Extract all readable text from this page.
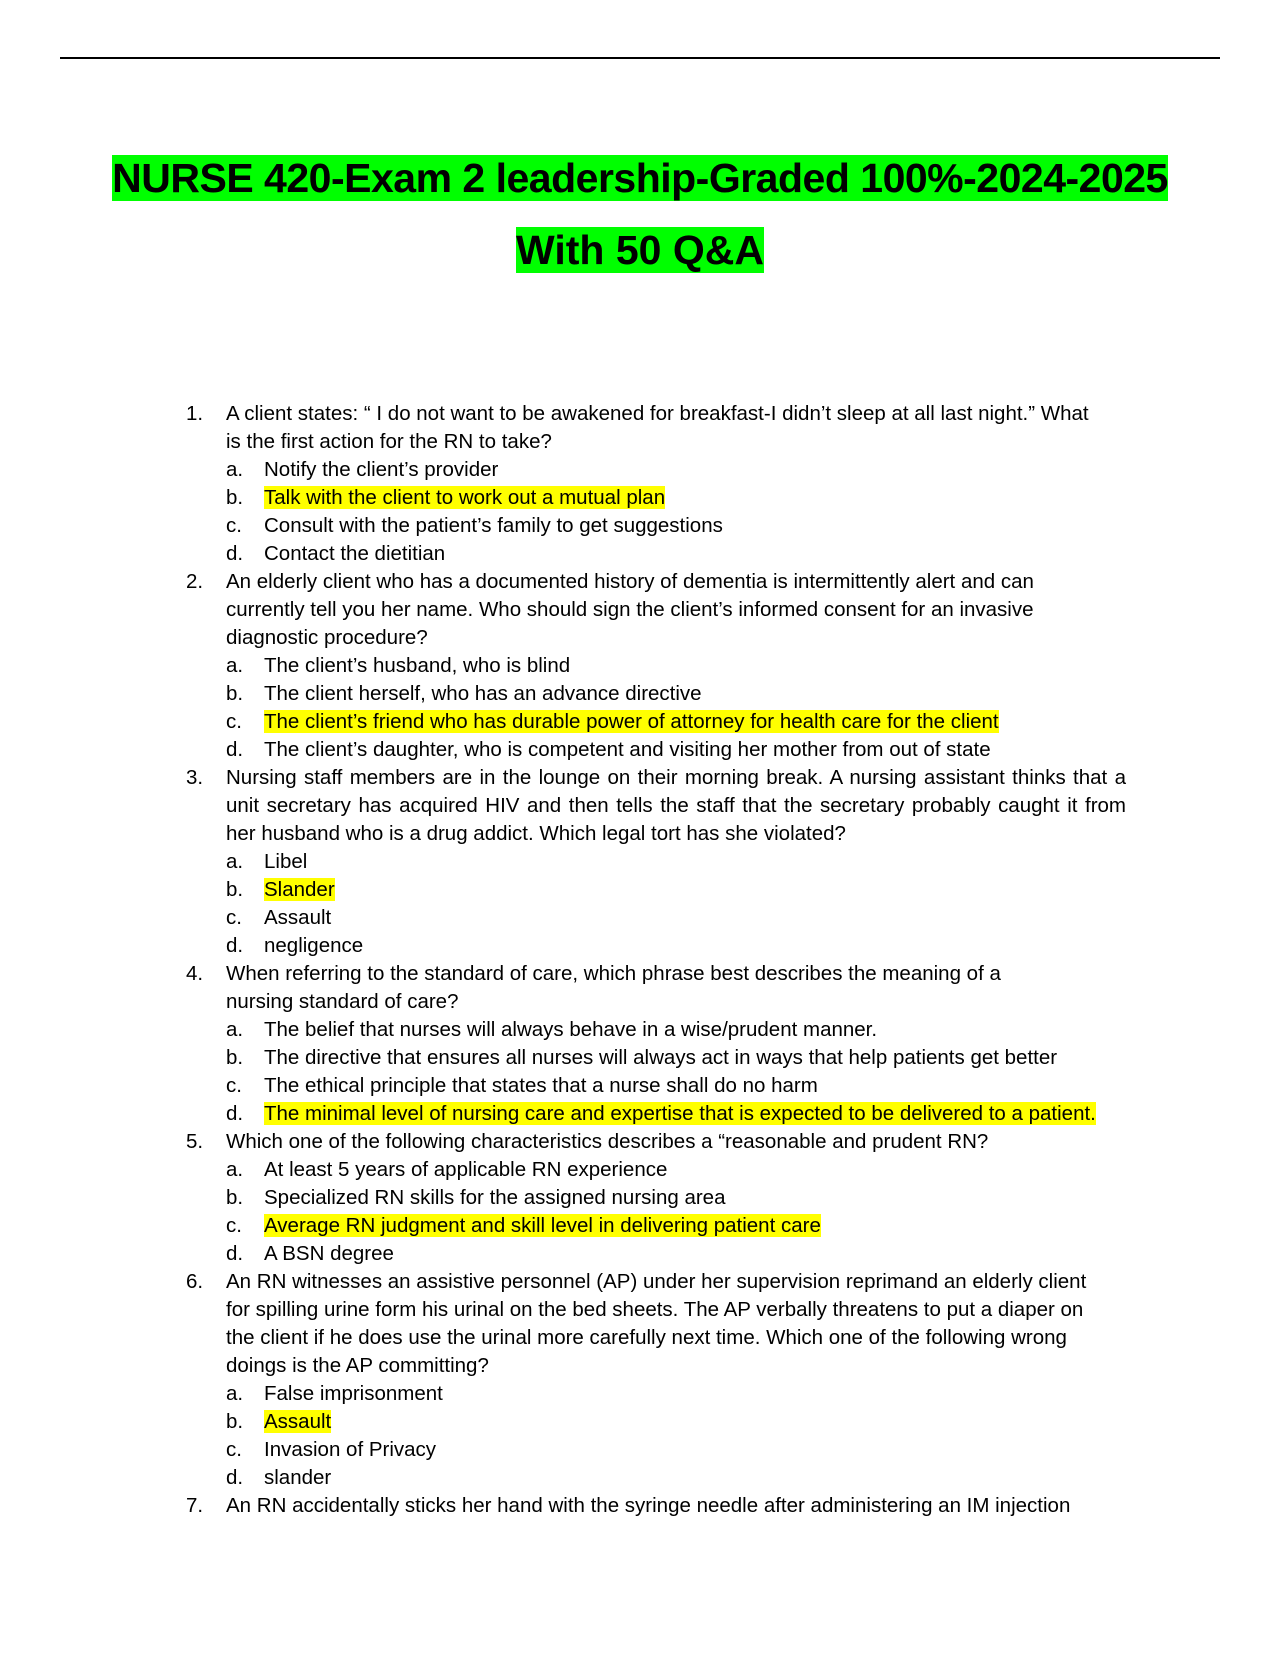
NURSE 420-Exam 2 leadership-Graded 100%-2024-2025

With 50 Q&A

1. A client states: “ I do not want to be awakened for breakfast-I didn’t sleep at all last night.” What is the first action for the RN to take?
a. Notify the client’s provider
b. Talk with the client to work out a mutual plan
c. Consult with the patient’s family to get suggestions
d. Contact the dietitian
2. An elderly client who has a documented history of dementia is intermittently alert and can currently tell you her name. Who should sign the client’s informed consent for an invasive diagnostic procedure?
a. The client’s husband, who is blind
b. The client herself, who has an advance directive
c. The client’s friend who has durable power of attorney for health care for the client
d. The client’s daughter, who is competent and visiting her mother from out of state
3. Nursing staff members are in the lounge on their morning break. A nursing assistant thinks that a unit secretary has acquired HIV and then tells the staff that the secretary probably caught it from her husband who is a drug addict. Which legal tort has she violated?
a. Libel
b. Slander
c. Assault
d. negligence
4. When referring to the standard of care, which phrase best describes the meaning of a nursing standard of care?
a. The belief that nurses will always behave in a wise/prudent manner.
b. The directive that ensures all nurses will always act in ways that help patients get better
c. The ethical principle that states that a nurse shall do no harm
d. The minimal level of nursing care and expertise that is expected to be delivered to a patient.
5. Which one of the following characteristics describes a “reasonable and prudent RN?
a. At least 5 years of applicable RN experience
b. Specialized RN skills for the assigned nursing area
c. Average RN judgment and skill level in delivering patient care
d. A BSN degree
6. An RN witnesses an assistive personnel (AP) under her supervision reprimand an elderly client for spilling urine form his urinal on the bed sheets. The AP verbally threatens to put a diaper on the client if he does use the urinal more carefully next time. Which one of the following wrong doings is the AP committing?
a. False imprisonment
b. Assault
c. Invasion of Privacy
d. slander
7. An RN accidentally sticks her hand with the syringe needle after administering an IM injection
